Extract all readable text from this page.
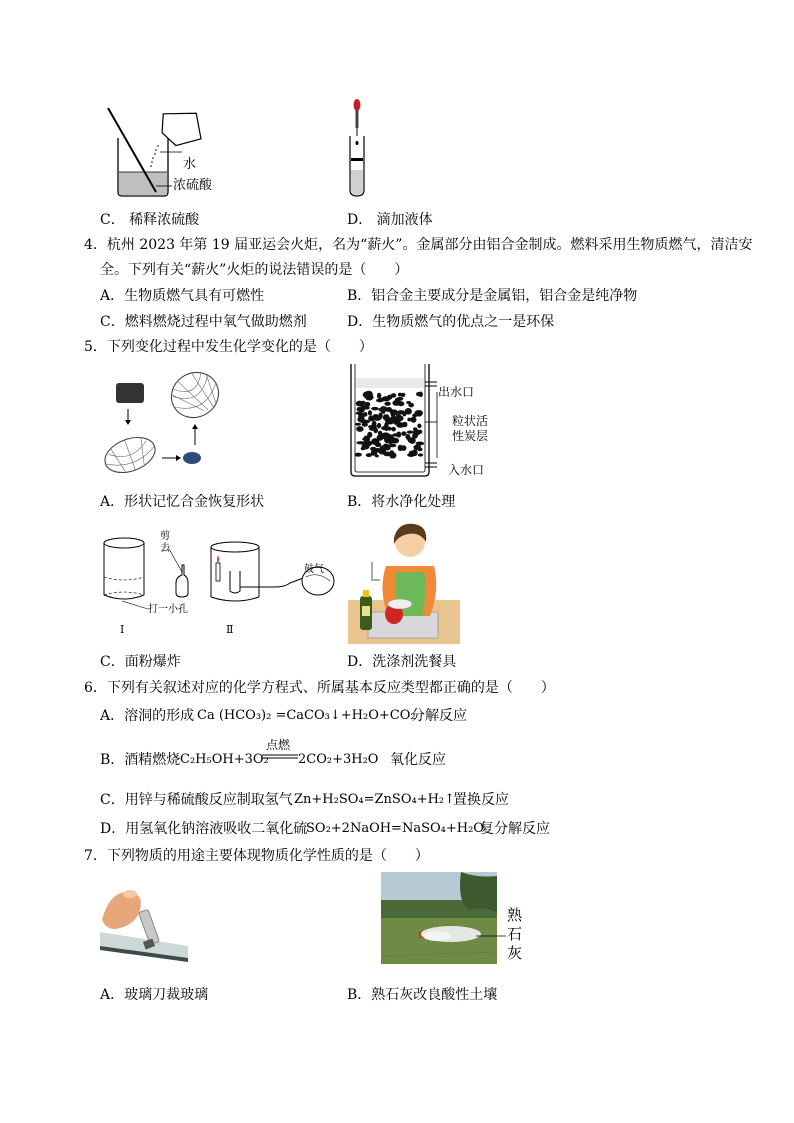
水
浓硫酸
C． 稀释浓硫酸	D． 滴加液体
4．杭州 2023 年第 19 届亚运会火炬，名为“薪火”。金属部分由铝合金制成。燃料采用生物质燃气，清洁安
全。下列有关“薪火”火炬的说法错误的是（　　）
A．生物质燃气具有可燃性	B．铝合金主要成分是金属铝，铝合金是纯净物
C．燃料燃烧过程中氧气做助燃剂	D．生物质燃气的优点之一是环保
5．下列变化过程中发生化学变化的是（　　）
出水口
粒状活
性炭层
入水口
A．形状记忆合金恢复形状	B．将水净化处理
剪
去
打一小孔
鼓气
Ⅰ	Ⅱ
C．面粉爆炸	D．洗涤剂洗餐具
6．下列有关叙述对应的化学方程式、所属基本反应类型都正确的是（　　）
A．溶洞的形成 Ca (HCO₃)₂ =CaCO₃↓+H₂O+CO₂
分解反应
B．酒精燃烧 C₂H₅OH+3O₂
点燃
2CO₂+3H₂O 氧化反应
C．用锌与稀硫酸反应制取氢气 Zn+H₂SO₄=ZnSO₄+H₂↑
置换反应
D．用氢氧化钠溶液吸收二氧化硫
SO₂+2NaOH=NaSO₄+H₂O
复分解反应
7．下列物质的用途主要体现物质化学性质的是（　　）
熟
石
灰
A．玻璃刀裁玻璃	B．熟石灰改良酸性土壤
